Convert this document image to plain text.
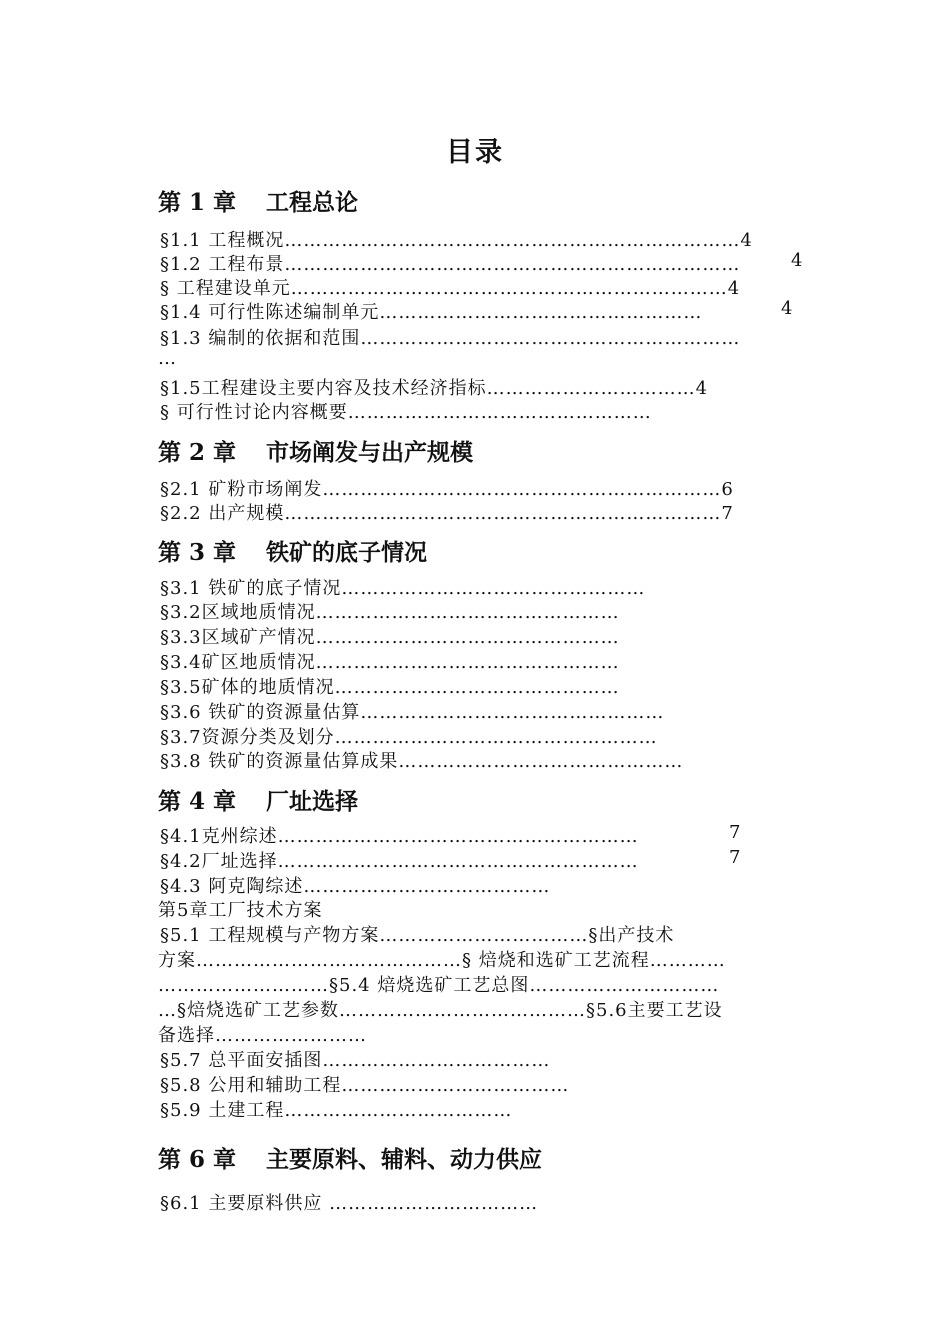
目录
第 1 章 工程总论
§1.1 工程概况………………………………………………………………4
§1.2 工程布景………………………………………………………………	4
§ 工程建设单元……………………………………………………………4
§1.4 可行性陈述编制单元……………………………………………	4
§1.3 编制的依据和范围……………………………………………………
…
§1.5工程建设主要内容及技术经济指标……………………………4
§ 可行性讨论内容概要…………………………………………
第 2 章 市场阐发与出产规模
§2.1 矿粉市场阐发………………………………………………………6
§2.2 出产规模……………………………………………………………7
第 3 章 铁矿的底子情况
§3.1 铁矿的底子情况…………………………………………
§3.2区域地质情况…………………………………………
§3.3区域矿产情况…………………………………………
§3.4矿区地质情况…………………………………………
§3.5矿体的地质情况………………………………………
§3.6 铁矿的资源量估算…………………………………………
§3.7资源分类及划分……………………………………………
§3.8 铁矿的资源量估算成果………………………………………
第 4 章 厂址选择
§4.1克州综述…………………………………………………	7
§4.2厂址选择…………………………………………………	7
§4.3 阿克陶综述…………………………………
第5章工厂技术方案
§5.1 工程规模与产物方案……………………………§出产技术
方案……………………………………§ 焙烧和选矿工艺流程…………
………………………§5.4 焙烧选矿工艺总图…………………………
…§焙烧选矿工艺参数…………………………………§5.6主要工艺设
备选择……………………
§5.7 总平面安插图………………………………
§5.8 公用和辅助工程………………………………
§5.9 土建工程………………………………
第 6 章 主要原料、辅料、动力供应
§6.1 主要原料供应 ……………………………
